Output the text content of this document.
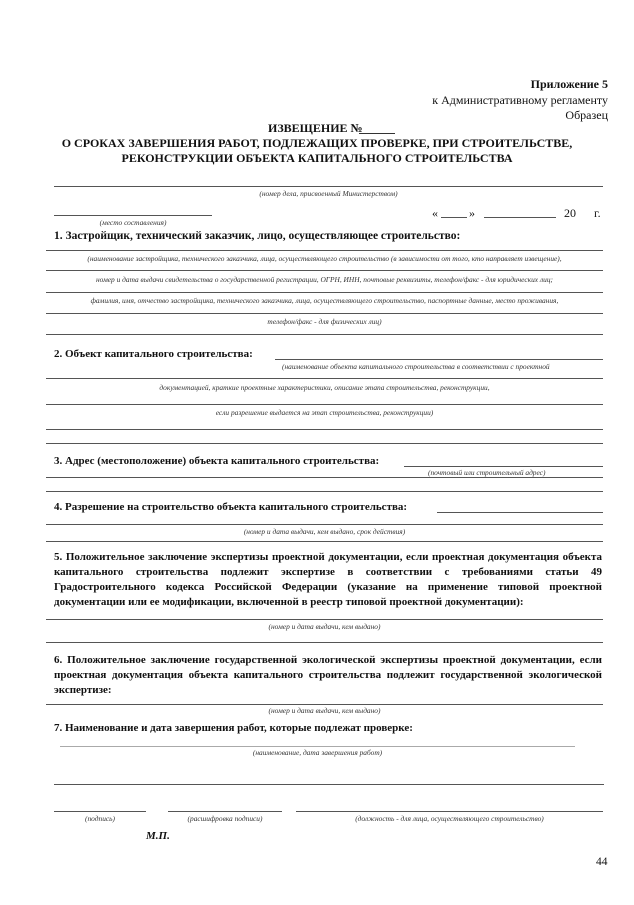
Приложение 5
к Административному регламенту
Образец
ИЗВЕЩЕНИЕ №
О СРОКАХ ЗАВЕРШЕНИЯ РАБОТ, ПОДЛЕЖАЩИХ ПРОВЕРКЕ, ПРИ СТРОИТЕЛЬСТВЕ,
РЕКОНСТРУКЦИИ ОБЪЕКТА КАПИТАЛЬНОГО СТРОИТЕЛЬСТВА
(номер дела, присвоенный Министерством)
(место составления)
«	»	20 г.
1. Застройщик, технический заказчик, лицо, осуществляющее строительство:
(наименование застройщика, технического заказчика, лица, осуществляющего строительство (в зависимости от того, кто направляет извещение),
номер и дата выдачи свидетельства о государственной регистрации, ОГРН, ИНН, почтовые реквизиты, телефон/факс - для юридических лиц;
фамилия, имя, отчество застройщика, технического заказчика, лица, осуществляющего строительство, паспортные данные, место проживания,
телефон/факс - для физических лиц)
2. Объект капитального строительства:
(наименование объекта капитального строительства в соответствии с проектной
документацией, краткие проектные характеристики, описание этапа строительства, реконструкции,
если разрешение выдается на этап строительства, реконструкции)
3. Адрес (местоположение) объекта капитального строительства:
(почтовый или строительный адрес)
4. Разрешение на строительство объекта капитального строительства:
(номер и дата выдачи, кем выдано, срок действия)
5. Положительное заключение экспертизы проектной документации, если проектная документация объекта капитального строительства подлежит экспертизе в соответствии с требованиями статьи 49 Градостроительного кодекса Российской Федерации (указание на применение типовой проектной документации или ее модификации, включенной в реестр типовой проектной документации):
(номер и дата выдачи, кем выдано)
6. Положительное заключение государственной экологической экспертизы проектной документации, если проектная документация объекта капитального строительства подлежит государственной экологической экспертизе:
(номер и дата выдачи, кем выдано)
7. Наименование и дата завершения работ, которые подлежат проверке:
(наименование, дата завершения работ)
(подпись)	(расшифровка подписи)	(должность - для лица, осуществляющего строительство)
М.П.
44
